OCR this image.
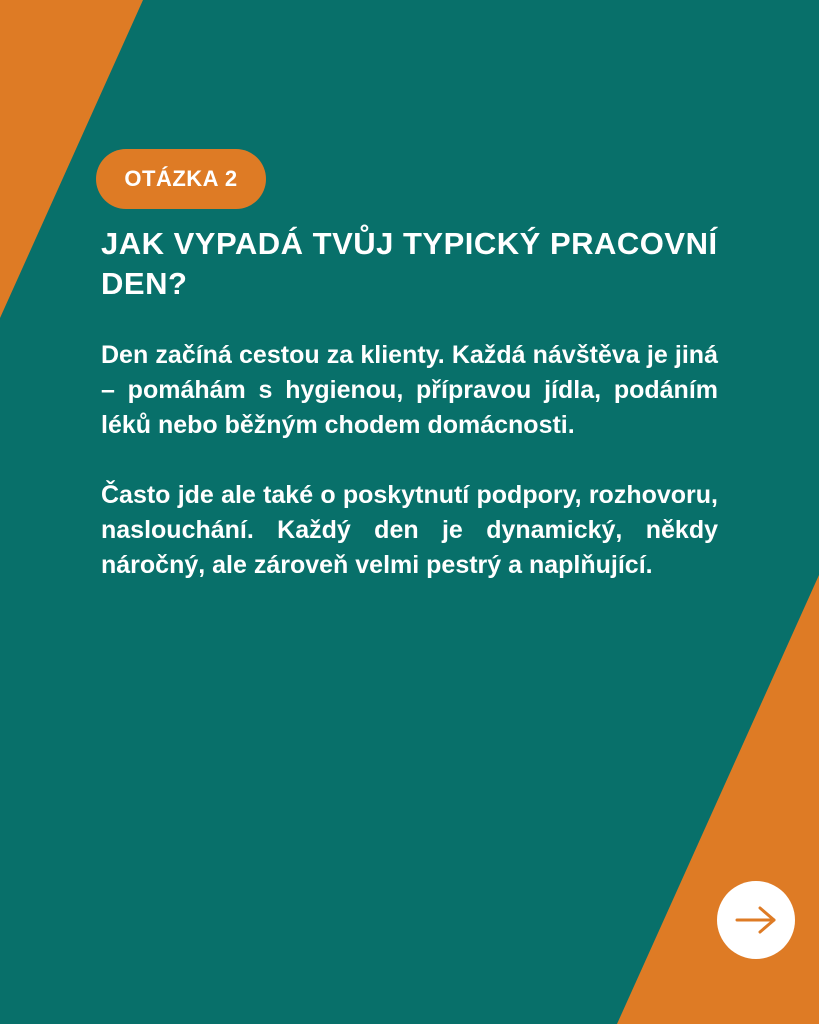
OTÁZKA 2
JAK VYPADÁ TVŮJ TYPICKÝ PRACOVNÍ DEN?

Den začíná cestou za klienty. Každá návštěva je jiná – pomáhám s hygienou, přípravou jídla, podáním léků nebo běžným chodem domácnosti.

Často jde ale také o poskytnutí podpory, rozhovoru, naslouchání. Každý den je dynamický, někdy náročný, ale zároveň velmi pestrý a naplňující.
